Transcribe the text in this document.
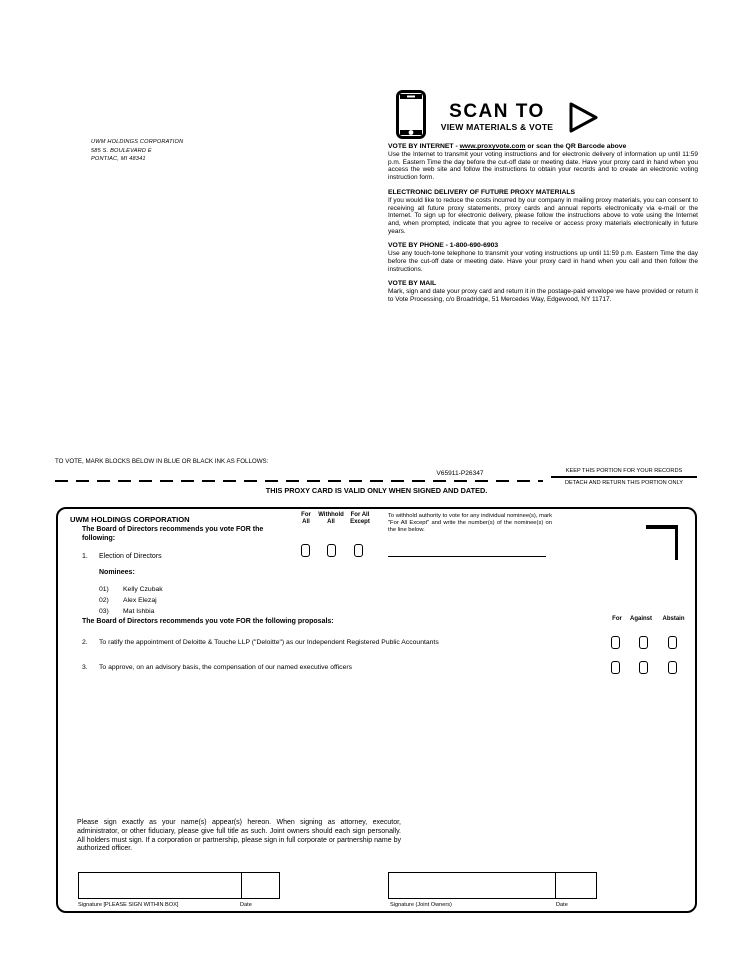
UWM HOLDINGS CORPORATION
585 S. BOULEVARD E
PONTIAC, MI 48341
SCAN TO
VIEW MATERIALS & VOTE
VOTE BY INTERNET - www.proxyvote.com or scan the QR Barcode above

Use the Internet to transmit your voting instructions and for electronic delivery of information up until 11:59 p.m. Eastern Time the day before the cut-off date or meeting date. Have your proxy card in hand when you access the web site and follow the instructions to obtain your records and to create an electronic voting instruction form.

ELECTRONIC DELIVERY OF FUTURE PROXY MATERIALS

If you would like to reduce the costs incurred by our company in mailing proxy materials, you can consent to receiving all future proxy statements, proxy cards and annual reports electronically via e-mail or the Internet. To sign up for electronic delivery, please follow the instructions above to vote using the Internet and, when prompted, indicate that you agree to receive or access proxy materials electronically in future years.

VOTE BY PHONE - 1-800-690-6903

Use any touch-tone telephone to transmit your voting instructions up until 11:59 p.m. Eastern Time the day before the cut-off date or meeting date. Have your proxy card in hand when you call and then follow the instructions.

VOTE BY MAIL

Mark, sign and date your proxy card and return it in the postage-paid envelope we have provided or return it to Vote Processing, c/o Broadridge, 51 Mercedes Way, Edgewood, NY 11717.

TO VOTE, MARK BLOCKS BELOW IN BLUE OR BLACK INK AS FOLLOWS:
V65911-P26347	KEEP THIS PORTION FOR YOUR RECORDS
DETACH AND RETURN THIS PORTION ONLY
THIS PROXY CARD IS VALID ONLY WHEN SIGNED AND DATED.
UWM HOLDINGS CORPORATION
The Board of Directors recommends you vote FOR the following:
For
All
Withhold
All
For All
Except
To withhold authority to vote for any individual nominee(s), mark "For All Except" and write the number(s) of the nominee(s) on the line below.
1. Election of Directors
Nominees:
01) Kelly Czubak
02) Alex Elezaj
03) Mat Ishbia
The Board of Directors recommends you vote FOR the following proposals:	For	Against	Abstain
2. To ratify the appointment of Deloitte & Touche LLP ("Deloitte") as our Independent Registered Public Accountants
3. To approve, on an advisory basis, the compensation of our named executive officers
Please sign exactly as your name(s) appear(s) hereon. When signing as attorney, executor, administrator, or other fiduciary, please give full title as such. Joint owners should each sign personally. All holders must sign. If a corporation or partnership, please sign in full corporate or partnership name by authorized officer.
Signature [PLEASE SIGN WITHIN BOX]	Date	Signature (Joint Owners)	Date
